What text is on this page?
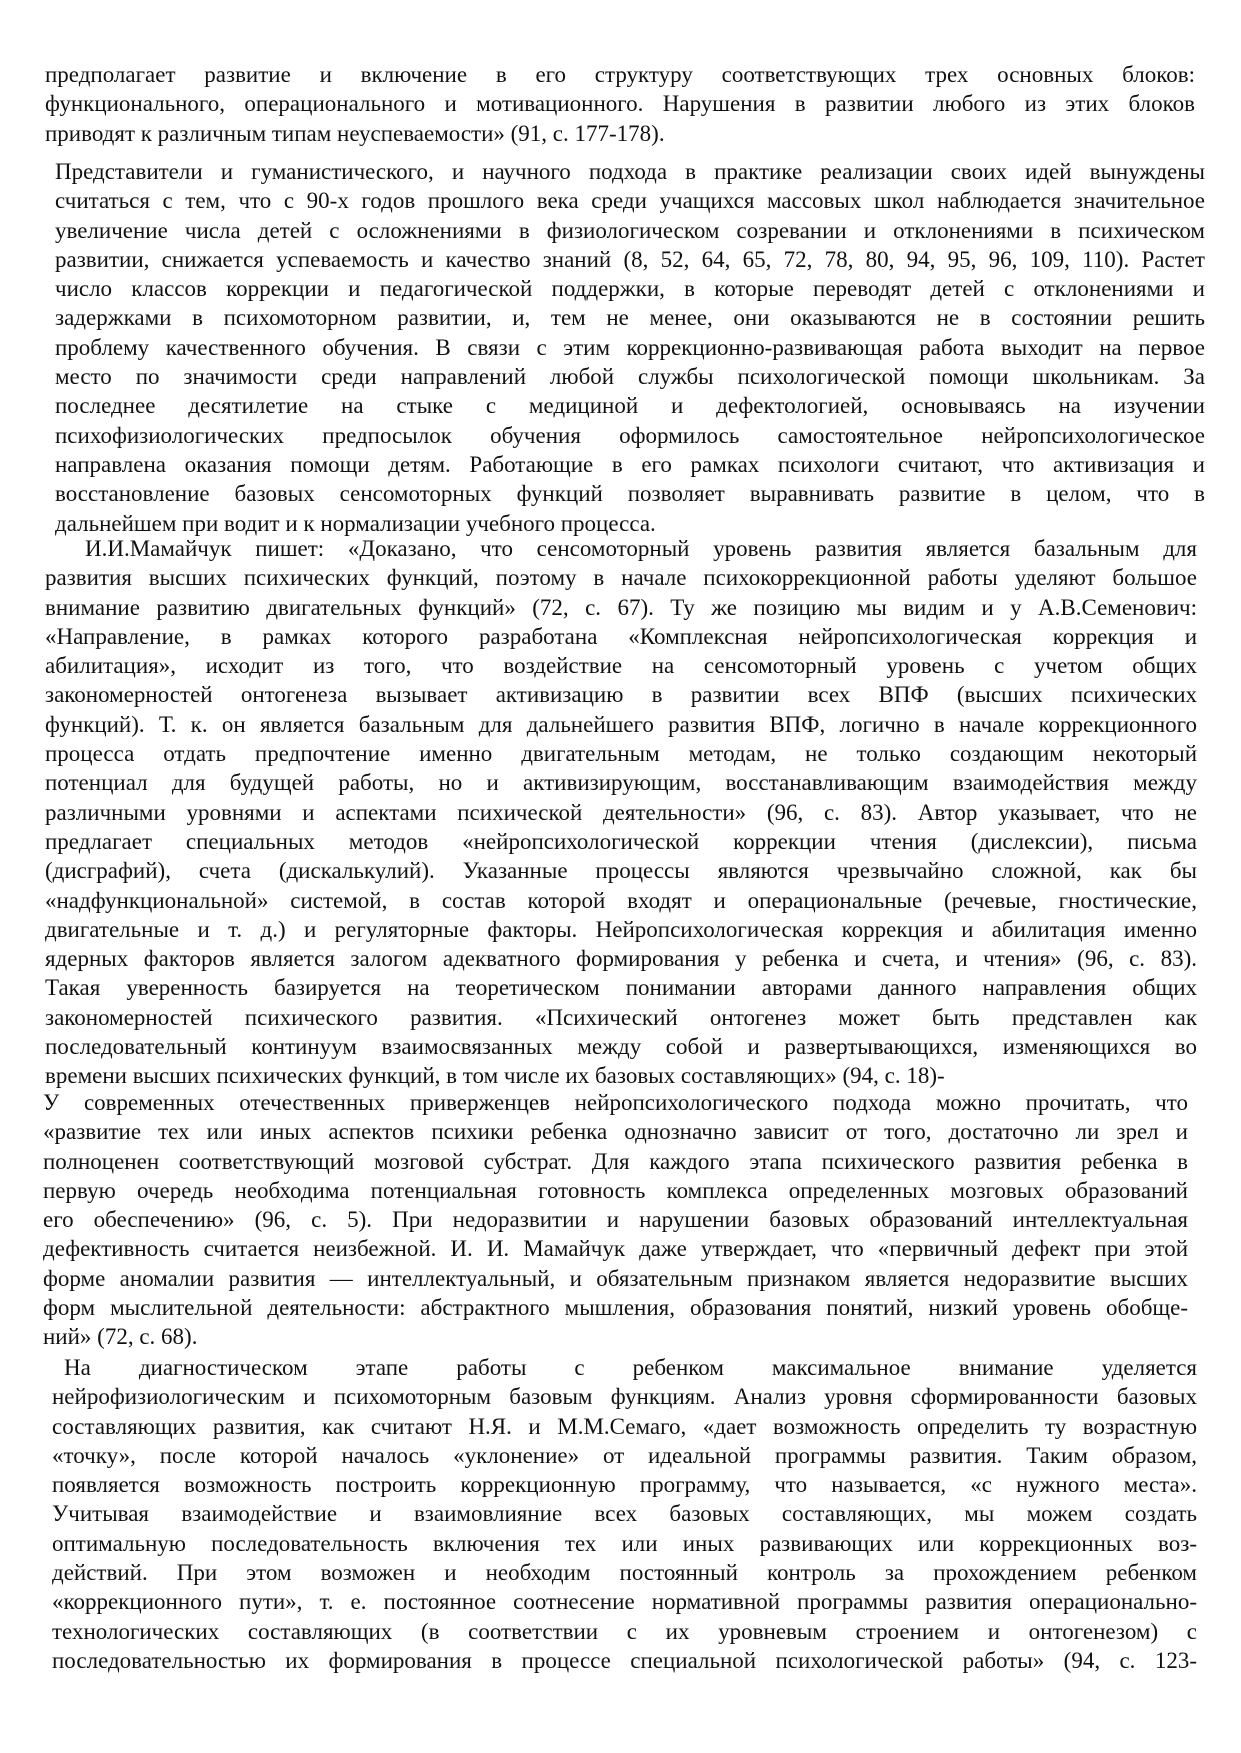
предполагает развитие и включение в его структуру соответствующих трех основных блоков:
функционального, операционального и мотивационного. Нарушения в развитии любого из этих блоков
приводят к различным типам неуспеваемости» (91, с. 177-178).
Представители и гуманистического, и научного подхода в практике реализации своих идей вынуждены
считаться с тем, что с 90-х годов прошлого века среди учащихся массовых школ наблюдается значительное
увеличение числа детей с осложнениями в физиологическом созревании и отклонениями в психическом
развитии, снижается успеваемость и качество знаний (8, 52, 64, 65, 72, 78, 80, 94, 95, 96, 109, 110). Растет
число классов коррекции и педагогической поддержки, в которые переводят детей с отклонениями и
задержками в психомоторном развитии, и, тем не менее, они оказываются не в состоянии решить
проблему качественного обучения. В связи с этим коррекционно-развивающая работа выходит на первое
место по значимости среди направлений любой службы психологической помощи школьникам. За
последнее десятилетие на стыке с медициной и дефектологией, основываясь на изучении
психофизиологических предпосылок обучения оформилось самостоятельное нейропсихологическое
направлена оказания помощи детям. Работающие в его рамках психологи считают, что активизация и
восстановление базовых сенсомоторных функций позволяет выравнивать развитие в целом, что в
дальнейшем при водит и к нормализации учебного процесса.
И.И.Мамайчук пишет: «Доказано, что сенсомоторный уровень развития является базальным для
развития высших психических функций, поэтому в начале психокоррекционной работы уделяют большое
внимание развитию двигательных функций» (72, с. 67). Ту же позицию мы видим и у А.В.Семенович:
«Направление, в рамках которого разработана «Комплексная нейропсихологическая коррекция и
абилитация», исходит из того, что воздействие на сенсомоторный уровень с учетом общих
закономерностей онтогенеза вызывает активизацию в развитии всех ВПФ (высших психических
функций). Т. к. он является базальным для дальнейшего развития ВПФ, логично в начале коррекционного
процесса отдать предпочтение именно двигательным методам, не только создающим некоторый
потенциал для будущей работы, но и активизирующим, восстанавливающим взаимодействия между
различными уровнями и аспектами психической деятельности» (96, с. 83). Автор указывает, что не
предлагает специальных методов «нейропсихологической коррекции чтения (дислексии), письма
(дисграфий), счета (дискалькулий). Указанные процессы являются чрезвычайно сложной, как бы
«надфункциональной» системой, в состав которой входят и операциональные (речевые, гностические,
двигательные и т. д.) и регуляторные факторы. Нейропсихологическая коррекция и абилитация именно
ядерных факторов является залогом адекватного формирования у ребенка и счета, и чтения» (96, с. 83).
Такая уверенность базируется на теоретическом понимании авторами данного направления общих
закономерностей психического развития. «Психический онтогенез может быть представлен как
последовательный континуум взаимосвязанных между собой и развертывающихся, изменяющихся во
времени высших психических функций, в том числе их базовых составляющих» (94, с. 18)-
У современных отечественных приверженцев нейропсихологического подхода можно прочитать, что
«развитие тех или иных аспектов психики ребенка однозначно зависит от того, достаточно ли зрел и
полноценен соответствующий мозговой субстрат. Для каждого этапа психического развития ребенка в
первую очередь необходима потенциальная готовность комплекса определенных мозговых образований
его обеспечению» (96, с. 5). При недоразвитии и нарушении базовых образований интеллектуальная
дефективность считается неизбежной. И. И. Мамайчук даже утверждает, что «первичный дефект при этой
форме аномалии развития — интеллектуальный, и обязательным признаком является недоразвитие высших
форм мыслительной деятельности: абстрактного мышления, образования понятий, низкий уровень обобще-
ний» (72, с. 68).
На диагностическом этапе работы с ребенком максимальное внимание уделяется
нейрофизиологическим и психомоторным базовым функциям. Анализ уровня сформированности базовых
составляющих развития, как считают Н.Я. и М.М.Семаго, «дает возможность определить ту возрастную
«точку», после которой началось «уклонение» от идеальной программы развития. Таким образом,
появляется возможность построить коррекционную программу, что называется, «с нужного места».
Учитывая взаимодействие и взаимовлияние всех базовых составляющих, мы можем создать
оптимальную последовательность включения тех или иных развивающих или коррекционных воз-
действий. При этом возможен и необходим постоянный контроль за прохождением ребенком
«коррекционного пути», т. е. постоянное соотнесение нормативной программы развития операционально-
технологических составляющих (в соответствии с их уровневым строением и онтогенезом) с
последовательностью их формирования в процессе специальной психологической работы» (94, с. 123-
